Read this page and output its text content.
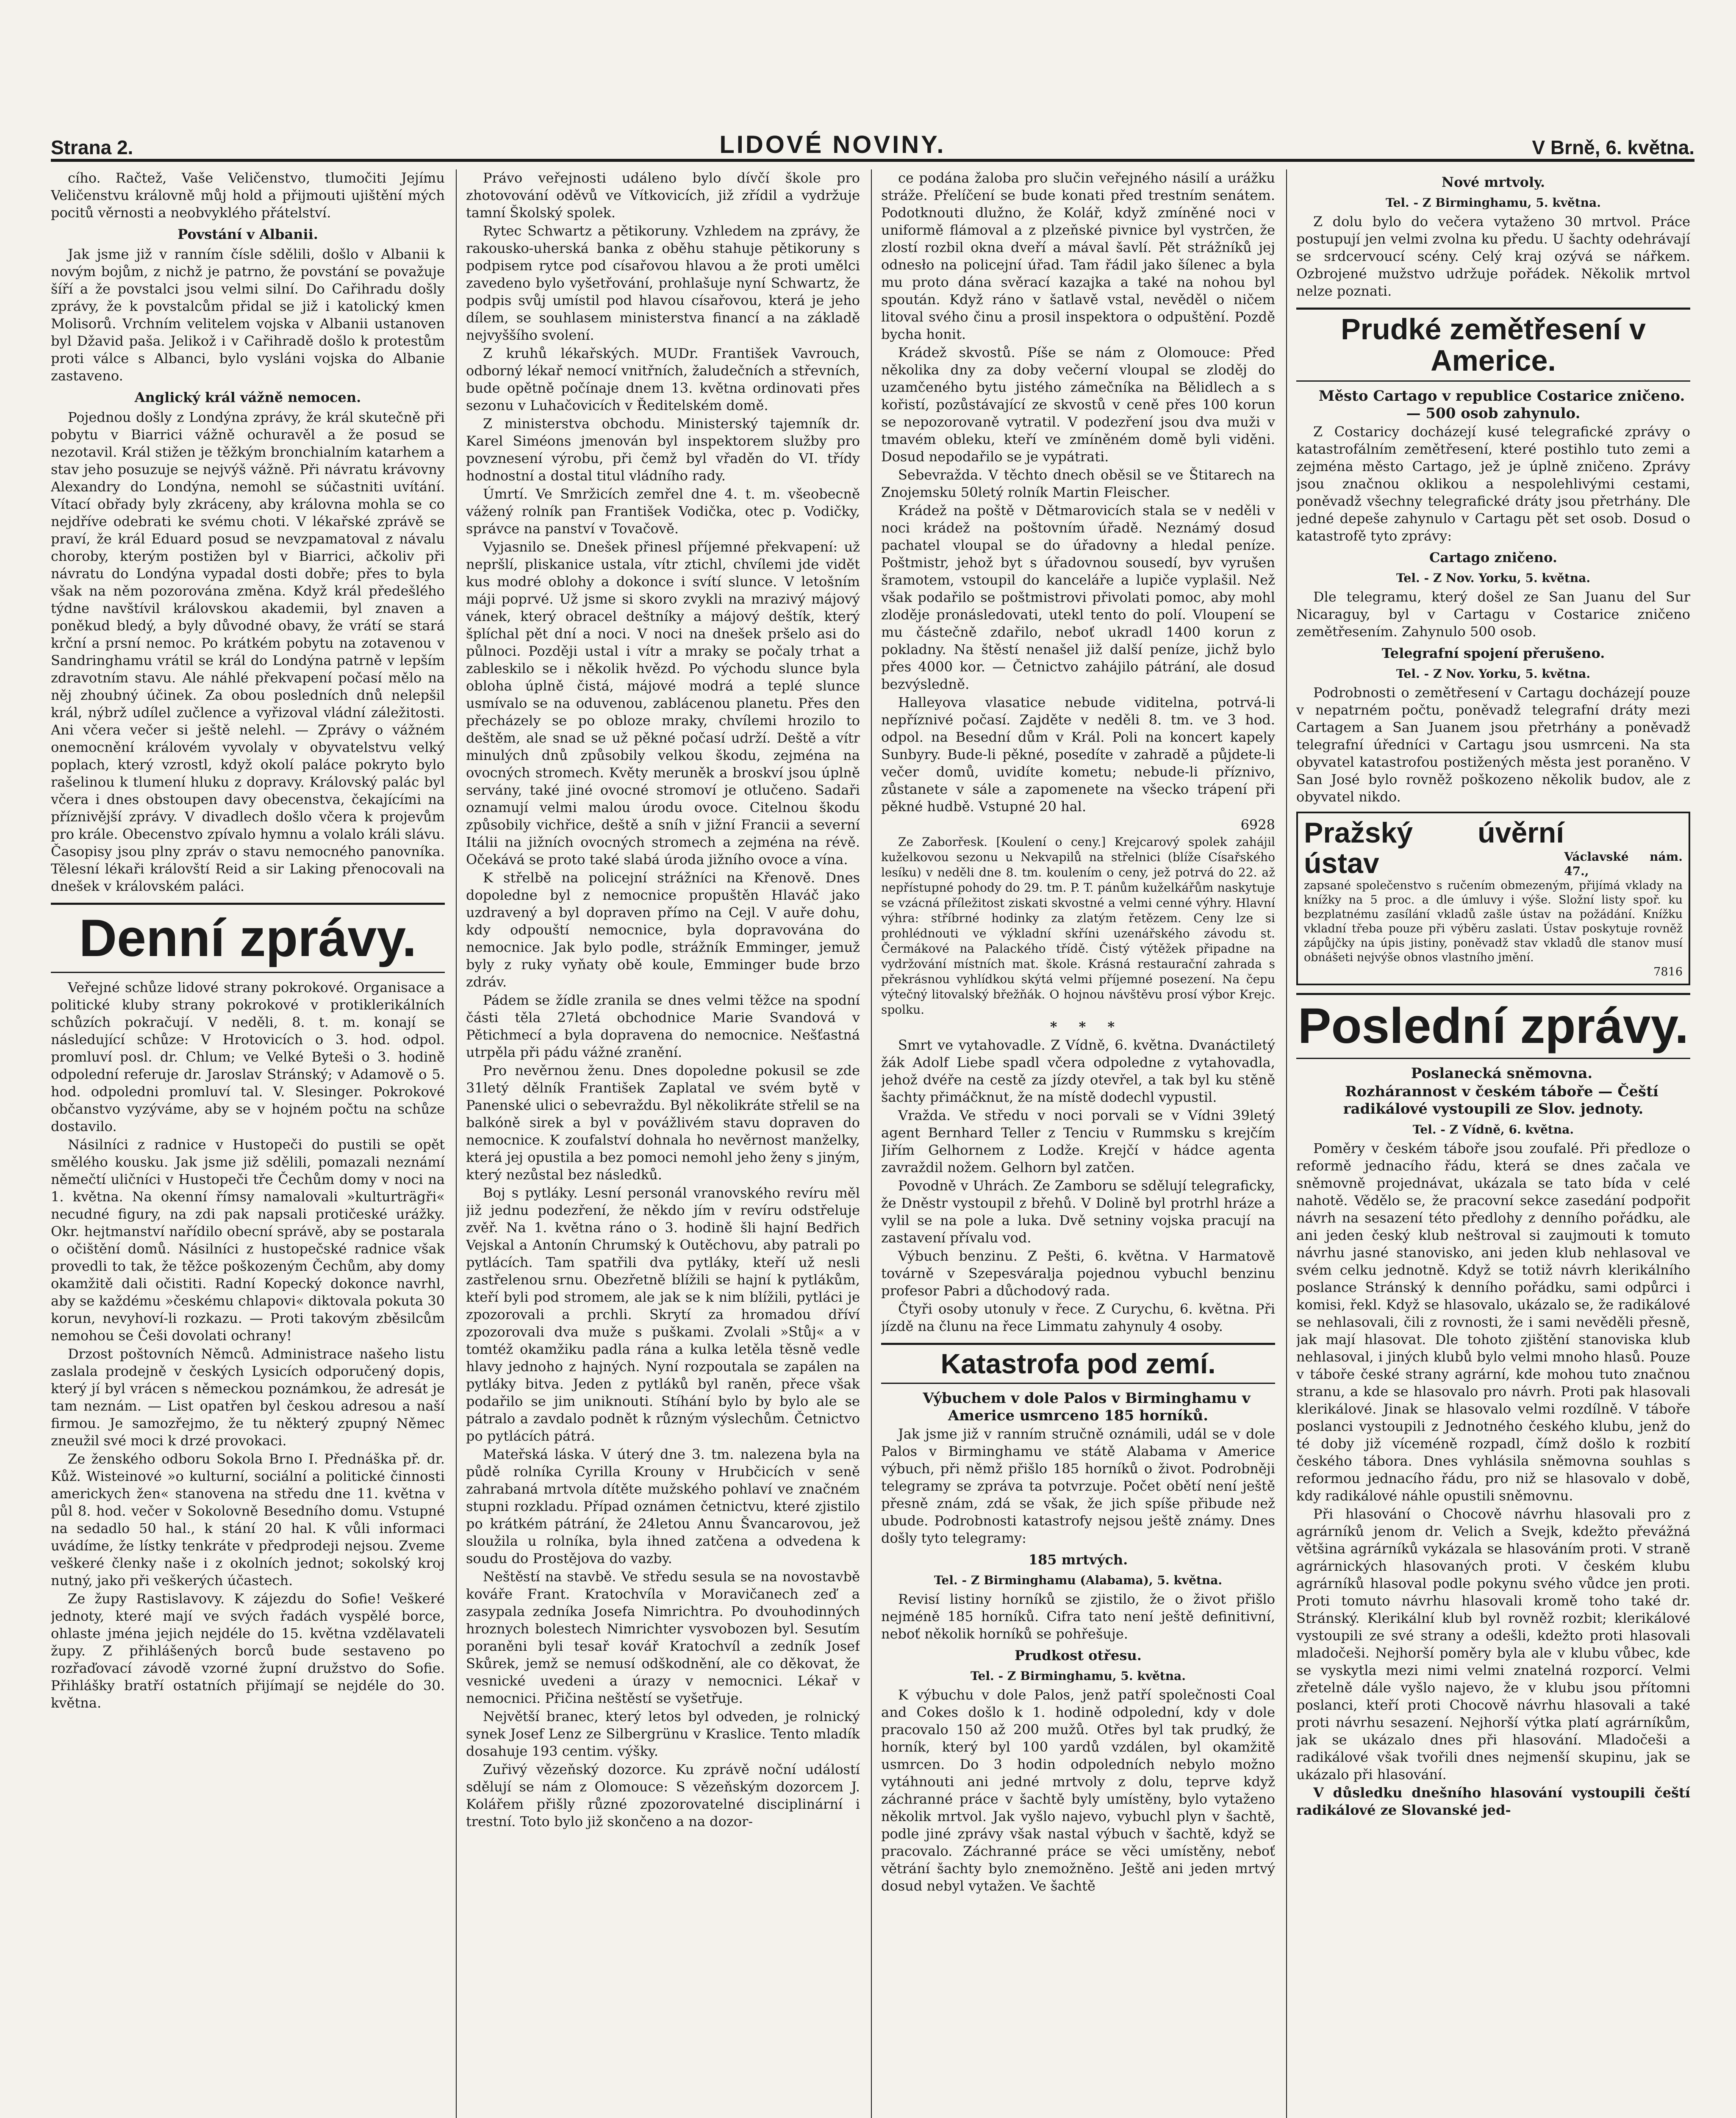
Strana 2.	LIDOVÉ NOVINY.	V Brně, 6. května.

cího. Račtež, Vaše Veličenstvo, tlumočiti Jejímu Veličenstvu královně můj hold a přijmouti ujištění mých pocitů věrnosti a neobvyklého přátelství.

Povstání v Albanii.

Jak jsme již v ranním čísle sdělili, došlo v Albanii k novým bojům, z nichž je patrno, že povstání se považuje šíří a že povstalci jsou velmi silní. Do Cařihradu došly zprávy, že k povstalcům přidal se již i katolický kmen Molisorů. Vrchním velitelem vojska v Albanii ustanoven byl Džavid paša. Jelikož i v Cařihradě došlo k protestům proti válce s Albanci, bylo vysláni vojska do Albanie zastaveno.

Anglický král vážně nemocen.

Pojednou došly z Londýna zprávy, že král skutečně při pobytu v Biarrici vážně ochuravěl a že posud se nezotavil. Král stižen je těžkým bronchialním katarhem a stav jeho posuzuje se nejvýš vážně. Při návratu krávovny Alexandry do Londýna, nemohl se súčastniti uvítání. Vítací obřady byly zkráceny, aby královna mohla se co nejdříve odebrati ke svému choti. V lékařské zprávě se praví, že král Eduard posud se nevzpamatoval z návalu choroby, kterým postižen byl v Biarrici, ačkoliv při návratu do Londýna vypadal dosti dobře; přes to byla však na něm pozorována změna. Když král předešlého týdne navštívil královskou akademii, byl znaven a poněkud bledý, a byly důvodné obavy, že vrátí se stará krční a prsní nemoc. Po krátkém pobytu na zotavenou v Sandringhamu vrátil se král do Londýna patrně v lepším zdravotním stavu. Ale náhlé překvapení počasí mělo na něj zhoubný účinek. Za obou posledních dnů nelepšil král, nýbrž udílel zučlence a vyřizoval vládní záležitosti. Ani včera večer si ještě nelehl. — Zprávy o vážném onemocnění královém vyvolaly v obyvatelstvu velký poplach, který vzrostl, když okolí paláce pokryto bylo rašelinou k tlumení hluku z dopravy. Královský palác byl včera i dnes obstoupen davy obecenstva, čekajícími na příznivější zprávy. V divadlech došlo včera k projevům pro krále. Obecenstvo zpívalo hymnu a volalo králi slávu. Časopisy jsou plny zpráv o stavu nemocného panovníka. Tělesní lékaři královští Reid a sir Laking přenocovali na dnešek v královském paláci.

Denní zprávy.

Veřejné schůze lidové strany pokrokové. Organisace a politické kluby strany pokrokové v protiklerikálních schůzích pokračují. V neděli, 8. t. m. konají se následující schůze: V Hrotovicích o 3. hod. odpol. promluví posl. dr. Chlum; ve Velké Byteši o 3. hodině odpolední referuje dr. Jaroslav Stránský; v Adamově o 5. hod. odpoledni promluví tal. V. Slesinger. Pokrokové občanstvo vyzýváme, aby se v hojném počtu na schůze dostavilo.

Násilníci z radnice v Hustopeči do pustili se opět smělého kousku. Jak jsme již sdělili, pomazali neznámí němečtí uličníci v Hustopeči tře Čechům domy v noci na 1. května. Na okenní římsy namalovali »kulturträgři« necudné figury, na zdi pak napsali protičeské urážky. Okr. hejtmanství nařídilo obecní správě, aby se postarala o očištění domů. Násilníci z hustopečské radnice však provedli to tak, že těžce poškozeným Čechům, aby domy okamžitě dali očistiti. Radní Kopecký dokonce navrhl, aby se každému »českému chlapovi« diktovala pokuta 30 korun, nevyhoví-li rozkazu. — Proti takovým zběsilcům nemohou se Češi dovolati ochrany!

Drzost poštovních Němců. Administrace našeho listu zaslala prodejně v českých Lysicích odporučený dopis, který jí byl vrácen s německou poznámkou, že adresát je tam neznám. — List opatřen byl českou adresou a naší firmou. Je samozřejmo, že tu některý zpupný Němec zneužil své moci k drzé provokaci.

Ze ženského odboru Sokola Brno I. Přednáška př. dr. Kůž. Wisteinové »o kulturní, sociální a politické činnosti americkych žen« stanovena na středu dne 11. května v půl 8. hod. večer v Sokolovně Besedního domu. Vstupné na sedadlo 50 hal., k stání 20 hal. K vůli informaci uvádíme, že lístky tenkráte v předprodeji nejsou. Zveme veškeré členky naše i z okolních jednot; sokolský kroj nutný, jako při veškerých účastech.

Ze župy Rastislavovy. K zájezdu do Sofie! Veškeré jednoty, které mají ve svých řadách vyspělé borce, ohlaste jména jejich nejdéle do 15. května vzdělavateli župy. Z přihlášených borců bude sestaveno po rozřaďovací závodě vzorné župní družstvo do Sofie. Přihlášky bratří ostatních přijímají se nejdéle do 30. května.

Právo veřejnosti událeno bylo dívčí škole pro zhotovování oděvů ve Vítkovicích, již zřídil a vydržuje tamní Školský spolek.

Rytec Schwartz a pětikoruny. Vzhledem na zprávy, že rakousko-uherská banka z oběhu stahuje pětikoruny s podpisem rytce pod císařovou hlavou a že proti umělci zavedeno bylo vyšetřování, prohlašuje nyní Schwartz, že podpis svůj umístil pod hlavou císařovou, která je jeho dílem, se souhlasem ministerstva financí a na základě nejvyššího svolení.

Z kruhů lékařských. MUDr. František Vavrouch, odborný lékař nemocí vnitřních, žaludečních a střevních, bude opětně počínaje dnem 13. května ordinovati přes sezonu v Luhačovicích v Ředitelském domě.

Z ministerstva obchodu. Ministerský tajemník dr. Karel Siméons jmenován byl inspektorem služby pro povznesení výrobu, při čemž byl vřaděn do VI. třídy hodnostní a dostal titul vládního rady.

Úmrtí. Ve Smržicích zemřel dne 4. t. m. všeobecně vážený rolník pan František Vodička, otec p. Vodičky, správce na panství v Tovačově.

Vyjasnilo se. Dnešek přinesl příjemné překvapení: už nepršlí, pliskanice ustala, vítr ztichl, chvílemi jde vidět kus modré oblohy a dokonce i svítí slunce. V letošním máji poprvé. Už jsme si skoro zvykli na mrazivý májový vánek, který obracel deštníky a májový deštík, který šplíchal pět dní a noci. V noci na dnešek pršelo asi do půlnoci. Později ustal i vítr a mraky se počaly trhat a zableskilo se i několik hvězd. Po východu slunce byla obloha úplně čistá, májové modrá a teplé slunce usmívalo se na oduvenou, zablácenou planetu. Přes den přecházely se po obloze mraky, chvílemi hrozilo to deštěm, ale snad se už pěkné počasí udrží. Deště a vítr minulých dnů způsobily velkou škodu, zejména na ovocných stromech. Květy meruněk a broskví jsou úplně servány, také jiné ovocné stromoví je otlučeno. Sadaři oznamují velmi malou úrodu ovoce. Citelnou škodu způsobily vichřice, deště a sníh v jižní Francii a severní Itálii na jižních ovocných stromech a zejména na révě. Očekává se proto také slabá úroda jižního ovoce a vína.

K střelbě na policejní strážníci na Křenově. Dnes dopoledne byl z nemocnice propuštěn Hlaváč jako uzdravený a byl dopraven přímo na Cejl. V auře dohu, kdy odpouští nemocnice, byla dopravována do nemocnice. Jak bylo podle, strážník Emminger, jemuž byly z ruky vyňaty obě koule, Emminger bude brzo zdráv.

Pádem se žídle zranila se dnes velmi těžce na spodní části těla 27letá obchodnice Marie Svandová v Pětichmecí a byla dopravena do nemocnice. Nešťastná utrpěla při pádu vážné zranění.

Pro nevěrnou ženu. Dnes dopoledne pokusil se zde 31letý dělník František Zaplatal ve svém bytě v Panenské ulici o sebevraždu. Byl několikráte střelil se na balkóně sirek a byl v povážlivém stavu dopraven do nemocnice. K zoufalství dohnala ho nevěrnost manželky, která jej opustila a bez pomoci nemohl jeho ženy s jiným, který nezůstal bez následků.

Boj s pytláky. Lesní personál vranovského revíru měl již jednu podezření, že někdo jím v revíru odstřeluje zvěř. Na 1. května ráno o 3. hodině šli hajní Bedřich Vejskal a Antonín Chrumský k Outěchovu, aby patrali po pytlácích. Tam spatřili dva pytláky, kteří už nesli zastřelenou srnu. Obezřetně blížili se hajní k pytlákům, kteří byli pod stromem, ale jak se k nim blížili, pytláci je zpozorovali a prchli. Skrytí za hromadou dříví zpozorovali dva muže s puškami. Zvolali »Stůj« a v tomtéž okamžiku padla rána a kulka letěla těsně vedle hlavy jednoho z hajných. Nyní rozpoutala se zapálen na pytláky bitva. Jeden z pytláků byl raněn, přece však podařilo se jim uniknouti. Stíhání bylo by bylo ale se pátralo a zavdalo podnět k různým výslechům. Četnictvo po pytlácích pátrá.

Mateřská láska. V úterý dne 3. tm. nalezena byla na půdě rolníka Cyrilla Krouny v Hrubčicích v seně zahrabaná mrtvola dítěte mužského pohlaví ve značném stupni rozkladu. Případ oznámen četnictvu, které zjistilo po krátkém pátrání, že 24letou Annu Švancarovou, jež sloužila u rolníka, byla ihned zatčena a odvedena k soudu do Prostějova do vazby.

Neštěstí na stavbě. Ve středu sesula se na novostavbě kováře Frant. Kratochvíla v Moravičanech zeď a zasypala zedníka Josefa Nimrichtra. Po dvouhodinných hroznych bolestech Nimrichter vysvobozen byl. Sesutím poraněni byli tesař kovář Kratochvíl a zedník Josef Skůrek, jemž se nemusí odškodnění, ale co děkovat, že vesnické uvedeni a úrazy v nemocnici. Lékař v nemocnici. Přičina neštěstí se vyšetřuje.

Největší branec, který letos byl odveden, je rolnický synek Josef Lenz ze Silbergrünu v Kraslice. Tento mladík dosahuje 193 centim. výšky.

Zuřivý vězeňský dozorce. Ku zprávě noční událostí sdělují se nám z Olomouce: S vězeňským dozorcem J. Kolářem přišly různé zpozorovatelné disciplinární i trestní. Toto bylo již skončeno a na dozor-

ce podána žaloba pro slučin veřejného násilí a urážku stráže. Přelíčení se bude konati před trestním senátem. Podotknouti dlužno, že Kolář, když zmíněné noci v uniformě flámoval a z plzeňské pivnice byl vystrčen, že zlostí rozbil okna dveří a mával šavlí. Pět strážníků jej odnesło na policejní úřad. Tam řádil jako šílenec a byla mu proto dána svěrací kazajka a také na nohou byl spoután. Když ráno v šatlavě vstal, nevěděl o ničem litoval svého činu a prosil inspektora o odpuštění. Pozdě bycha honit.

Krádež skvostů. Píše se nám z Olomouce: Před několika dny za doby večerní vloupal se zloděj do uzamčeného bytu jistého zámečníka na Bělidlech a s kořistí, pozůstávající ze skvostů v ceně přes 100 korun se nepozorovaně vytratil. V podezření jsou dva muži v tmavém obleku, kteří ve zmíněném domě byli viděni. Dosud nepodařilo se je vypátrati.

Sebevražda. V těchto dnech oběsil se ve Štitarech na Znojemsku 50letý rolník Martin Fleischer.

Krádež na poště v Dětmarovicích stala se v neděli v noci krádež na poštovním úřadě. Neznámý dosud pachatel vloupal se do úřadovny a hledal peníze. Poštmistr, jehož byt s úřadovnou sousedí, byv vyrušen šramotem, vstoupil do kanceláře a lupiče vyplašil. Než však podařilo se poštmistrovi přivolati pomoc, aby mohl zloděje pronásledovati, utekl tento do polí. Vloupení se mu částečně zdařilo, neboť ukradl 1400 korun z pokladny. Na štěstí nenašel již další peníze, jichž bylo přes 4000 kor. — Četnictvo zahájilo pátrání, ale dosud bezvýsledně.

Halleyova vlasatice nebude viditelna, potrvá-li nepříznivé počasí. Zajděte v neděli 8. tm. ve 3 hod. odpol. na Besední dům v Král. Poli na koncert kapely Sunbyry. Bude-li pěkné, posedíte v zahradě a půjdete-li večer domů, uvidíte kometu; nebude-li příznivo, zůstanete v sále a zapomenete na všecko trápení při pěkné hudbě. Vstupné 20 hal.

6928

Ze Zaborřesk. [Koulení o ceny.] Krejcarový spolek zahájil kuželkovou sezonu u Nekvapilů na střelnici (blíže Císařského lesíku) v neděli dne 8. tm. koulením o ceny, jež potrvá do 22. až nepřístupné pohody do 29. tm. P. T. pánům kuželkářům naskytuje se vzácná příležitost ziskati skvostné a velmi cenné výhry. Hlavní výhra: stříbrné hodinky za zlatým řetězem. Ceny lze si prohlédnouti ve výkladní skříni uzenářského závodu st. Čermákové na Palackého třídě. Čistý výtěžek připadne na vydržování místních mat. škole. Krásná restaurační zahrada s překrásnou vyhlídkou skýtá velmi příjemné posezení. Na čepu výtečný litovalský břežňák. O hojnou návštěvu prosí výbor Krejc. spolku.

* * *

Smrt ve vytahovadle. Z Vídně, 6. května. Dvanáctiletý žák Adolf Liebe spadl včera odpoledne z vytahovadla, jehož dvéře na cestě za jízdy otevřel, a tak byl ku stěně šachty přimáčknut, že na místě dodechl vypustil.

Vražda. Ve středu v noci porvali se v Vídni 39letý agent Bernhard Teller z Tenciu v Rummsku s krejčím Jiřím Gelhornem z Lodže. Krejčí v hádce agenta zavraždil nožem. Gelhorn byl zatčen.

Povodně v Uhrách. Ze Zamboru se sdělují telegraficky, že Dněstr vystoupil z břehů. V Dolině byl protrhl hráze a vylil se na pole a luka. Dvě setniny vojska pracují na zastavení přívalu vod.

Výbuch benzinu. Z Pešti, 6. května. V Harmatově továrně v Szepesváralja pojednou vybuchl benzinu profesor Pabri a důchodový rada.

Čtyři osoby utonuly v řece. Z Curychu, 6. května. Při jízdě na člunu na řece Limmatu zahynuly 4 osoby.

Katastrofa pod zemí.

Výbuchem v dole Palos v Birminghamu v Americe usmrceno 185 horníků.

Jak jsme již v ranním stručně oznámili, udál se v dole Palos v Birminghamu ve státě Alabama v Americe výbuch, při němž přišlo 185 horníků o život. Podrobněji telegramy se zpráva ta potvrzuje. Počet obětí není ještě přesně znám, zdá se však, že jich spíše přibude než ubude. Podrobnosti katastrofy nejsou ještě známy. Dnes došly tyto telegramy:

185 mrtvých.

Tel. - Z Birminghamu (Alabama), 5. května.

Revisí listiny horníků se zjistilo, že o život přišlo nejméně 185 horníků. Cifra tato není ještě definitivní, neboť několik horníků se pohřešuje.

Prudkost otřesu.

Tel. - Z Birminghamu, 5. května.

K výbuchu v dole Palos, jenž patří společnosti Coal and Cokes došlo k 1. hodině odpolední, kdy v dole pracovalo 150 až 200 mužů. Otřes byl tak prudký, že horník, který byl 100 yardů vzdálen, byl okamžitě usmrcen. Do 3 hodin odpoledních nebylo možno vytáhnouti ani jedné mrtvoly z dolu, teprve když záchranné práce v šachtě byly umístěny, bylo vytaženo několik mrtvol. Jak vyšlo najevo, vybuchl plyn v šachtě, podle jiné zprávy však nastal výbuch v šachtě, když se pracovalo. Záchranné práce se věci umístěny, neboť větrání šachty bylo znemožněno. Ještě ani jeden mrtvý dosud nebyl vytažen. Ve šachtě

Nové mrtvoly.

Tel. - Z Birminghamu, 5. května.

Z dolu bylo do večera vytaženo 30 mrtvol. Práce postupují jen velmi zvolna ku předu. U šachty odehrávají se srdcervoucí scény. Celý kraj ozývá se nářkem. Ozbrojené mužstvo udržuje pořádek. Několik mrtvol nelze poznati.

Prudké zemětřesení v Americe.

Město Cartago v republice Costarice zničeno. — 500 osob zahynulo.

Z Costaricy docházejí kusé telegrafické zprávy o katastrofálním zemětřesení, které postihlo tuto zemi a zejména město Cartago, jež je úplně zničeno. Zprávy jsou značnou oklikou a nespolehlivými cestami, poněvadž všechny telegrafické dráty jsou přetrhány. Dle jedné depeše zahynulo v Cartagu pět set osob. Dosud o katastrofě tyto zprávy:

Cartago zničeno.

Tel. - Z Nov. Yorku, 5. května.

Dle telegramu, který došel ze San Juanu del Sur Nicaraguy, byl v Cartagu v Costarice zničeno zemětřesením. Zahynulo 500 osob.

Telegrafní spojení přerušeno.

Tel. - Z Nov. Yorku, 5. května.

Podrobnosti o zemětřesení v Cartagu docházejí pouze v nepatrném počtu, poněvadž telegrafní dráty mezi Cartagem a San Juanem jsou přetrhány a poněvadž telegrafní úředníci v Cartagu jsou usmrceni. Na sta obyvatel katastrofou postižených města jest poraněno. V San José bylo rovněž poškozeno několik budov, ale z obyvatel nikdo.

Pražský úvěrní ústav	Václavské nám. 47.,
zapsané společenstvo s ručením obmezeným, přijímá vklady na knížky na 5 proc. a dle úmluvy i výše. Složní listy spoř. ku bezplatnému zasílání vkladů zašle ústav na požádání. Knížku vkladní třeba pouze při výběru zaslati. Ústav poskytuje rovněž zápůjčky na úpis jistiny, poněvadž stav vkladů dle stanov musí obnášeti nejvýše obnos vlastního jmění.
7816
Poslední zprávy.

Poslanecká sněmovna.

Rozhárannost v českém táboře — Čeští radikálové vystoupili ze Slov. jednoty.

Tel. - Z Vídně, 6. května.

Poměry v českém táboře jsou zoufalé. Při předloze o reformě jednacího řádu, která se dnes začala ve sněmovně projednávat, ukázala se tato bída v celé nahotě. Vědělo se, že pracovní sekce zasedání podpořit návrh na sesazení této předlohy z denního pořádku, ale ani jeden český klub neštroval si zaujmouti k tomuto návrhu jasné stanovisko, ani jeden klub nehlasoval ve svém celku jednotně. Když se totiž návrh klerikálního poslance Stránský k denního pořádku, sami odpůrci i komisi, řekl. Když se hlasovalo, ukázalo se, že radikálové se nehlasovali, čili z rovnosti, že i sami nevěděli přesně, jak mají hlasovat. Dle tohoto zjištění stanoviska klub nehlasoval, i jiných klubů bylo velmi mnoho hlasů. Pouze v táboře české strany agrární, kde mohou tuto značnou stranu, a kde se hlasovalo pro návrh. Proti pak hlasovali klerikálové. Jinak se hlasovalo velmi rozdílně. V táboře poslanci vystoupili z Jednotného českého klubu, jenž do té doby již víceméně rozpadl, čímž došlo k rozbití českého tábora. Dnes vyhlásila sněmovna souhlas s reformou jednacího řádu, pro niž se hlasovalo v době, kdy radikálové náhle opustili sněmovnu.

Při hlasování o Chocově návrhu hlasovali pro z agrárníků jenom dr. Velich a Svejk, kdežto převážná většina agrárníků vykázala se hlasováním proti. V straně agrárnických hlasovaných proti. V českém klubu agrárníků hlasoval podle pokynu svého vůdce jen proti. Proti tomuto návrhu hlasovali kromě toho také dr. Stránský. Klerikální klub byl rovněž rozbit; klerikálové vystoupili ze své strany a odešli, kdežto proti hlasovali mladočeši. Nejhorší poměry byla ale v klubu vůbec, kde se vyskytla mezi nimi velmi znatelná rozporcí. Velmi zřetelně dále vyšlo najevo, že v klubu jsou přítomni poslanci, kteří proti Chocově návrhu hlasovali a také proti návrhu sesazení. Nejhorší výtka platí agrárníkům, jak se ukázalo dnes při hlasování. Mladočeši a radikálové však tvořili dnes nejmenší skupinu, jak se ukázalo při hlasování.

V důsledku dnešního hlasování vystoupili čeští radikálové ze Slovanské jed-
